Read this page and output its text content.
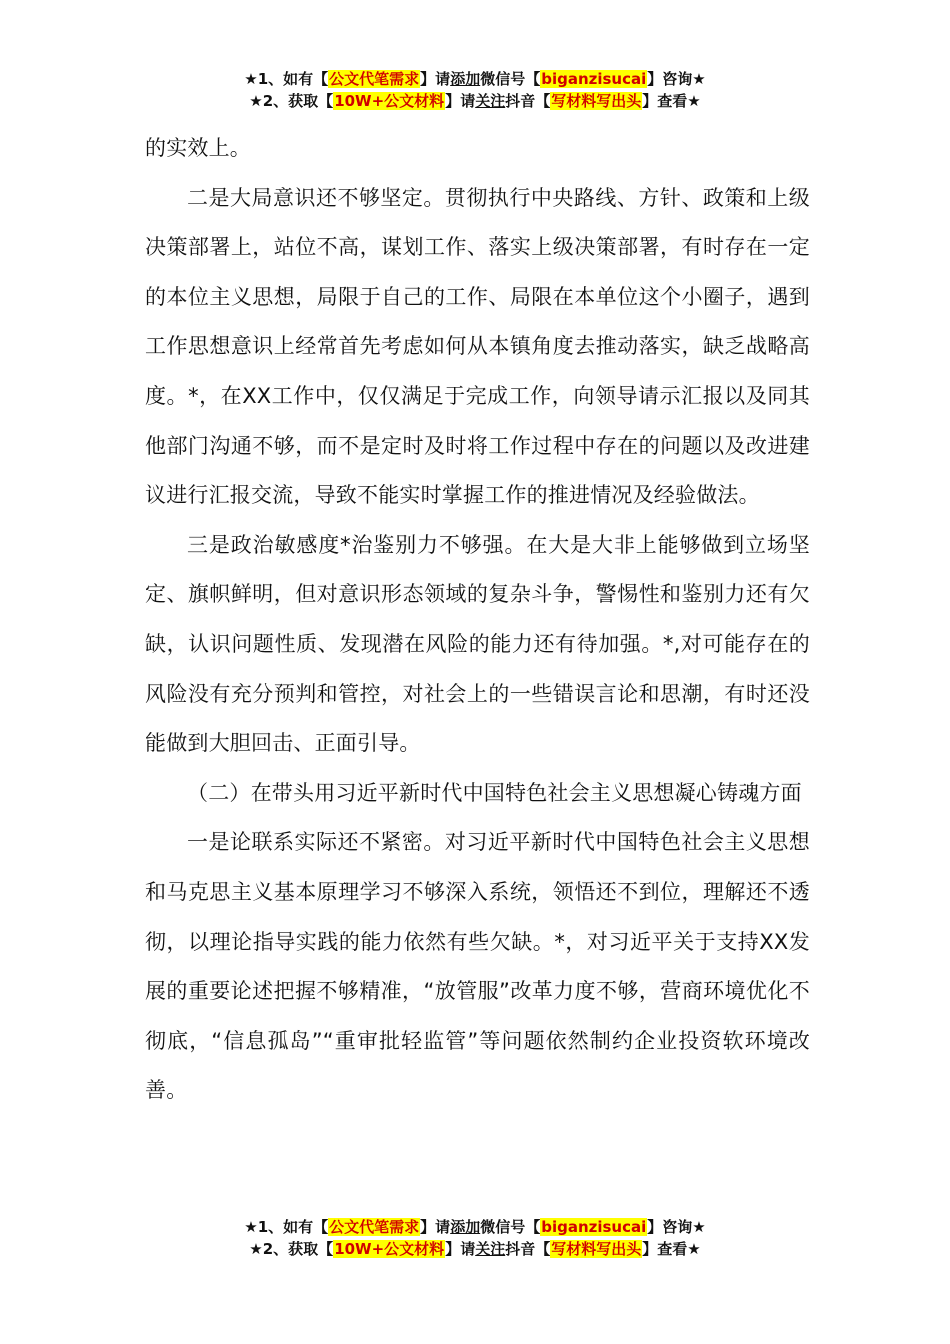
★1、如有【公文代笔需求】请添加微信号【biganzisucai】咨询★
★2、获取【10W+公文材料】请关注抖音【写材料写出头】查看★

的实效上。

二是大局意识还不够坚定。贯彻执行中央路线、方针、政策和上级决策部署上，站位不高，谋划工作、落实上级决策部署，有时存在一定的本位主义思想，局限于自己的工作、局限在本单位这个小圈子，遇到工作思想意识上经常首先考虑如何从本镇角度去推动落实，缺乏战略高度。*，在XX工作中，仅仅满足于完成工作，向领导请示汇报以及同其他部门沟通不够，而不是定时及时将工作过程中存在的问题以及改进建议进行汇报交流，导致不能实时掌握工作的推进情况及经验做法。

三是政治敏感度*治鉴别力不够强。在大是大非上能够做到立场坚定、旗帜鲜明，但对意识形态领域的复杂斗争，警惕性和鉴别力还有欠缺，认识问题性质、发现潜在风险的能力还有待加强。*,对可能存在的风险没有充分预判和管控，对社会上的一些错误言论和思潮，有时还没能做到大胆回击、正面引导。

（二）在带头用习近平新时代中国特色社会主义思想凝心铸魂方面

一是论联系实际还不紧密。对习近平新时代中国特色社会主义思想和马克思主义基本原理学习不够深入系统，领悟还不到位，理解还不透彻，以理论指导实践的能力依然有些欠缺。*，对习近平关于支持XX发展的重要论述把握不够精准，“放管服”改革力度不够，营商环境优化不彻底，“信息孤岛”“重审批轻监管”等问题依然制约企业投资软环境改善。

★1、如有【公文代笔需求】请添加微信号【biganzisucai】咨询★
★2、获取【10W+公文材料】请关注抖音【写材料写出头】查看★
